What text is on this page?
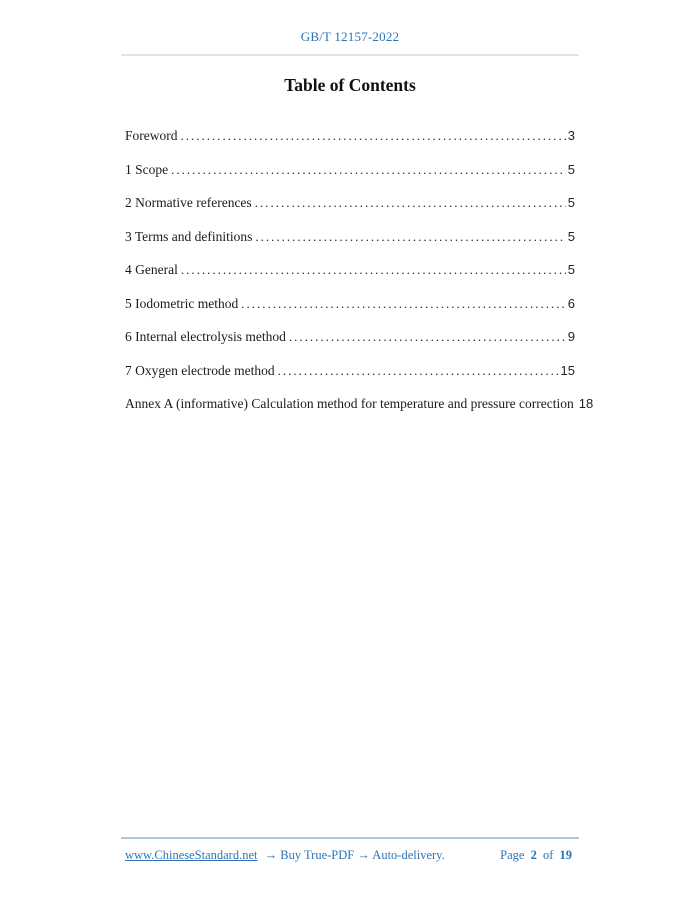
GB/T 12157-2022
Table of Contents
Foreword .....	3
1 Scope .....	5
2 Normative references .....	5
3 Terms and definitions .....	5
4 General .....	5
5 Iodometric method .....	6
6 Internal electrolysis method .....	9
7 Oxygen electrode method .....	15
Annex A (informative) Calculation method for temperature and pressure correction 18
www.ChineseStandard.net → Buy True-PDF → Auto-delivery.	Page 2 of 19
